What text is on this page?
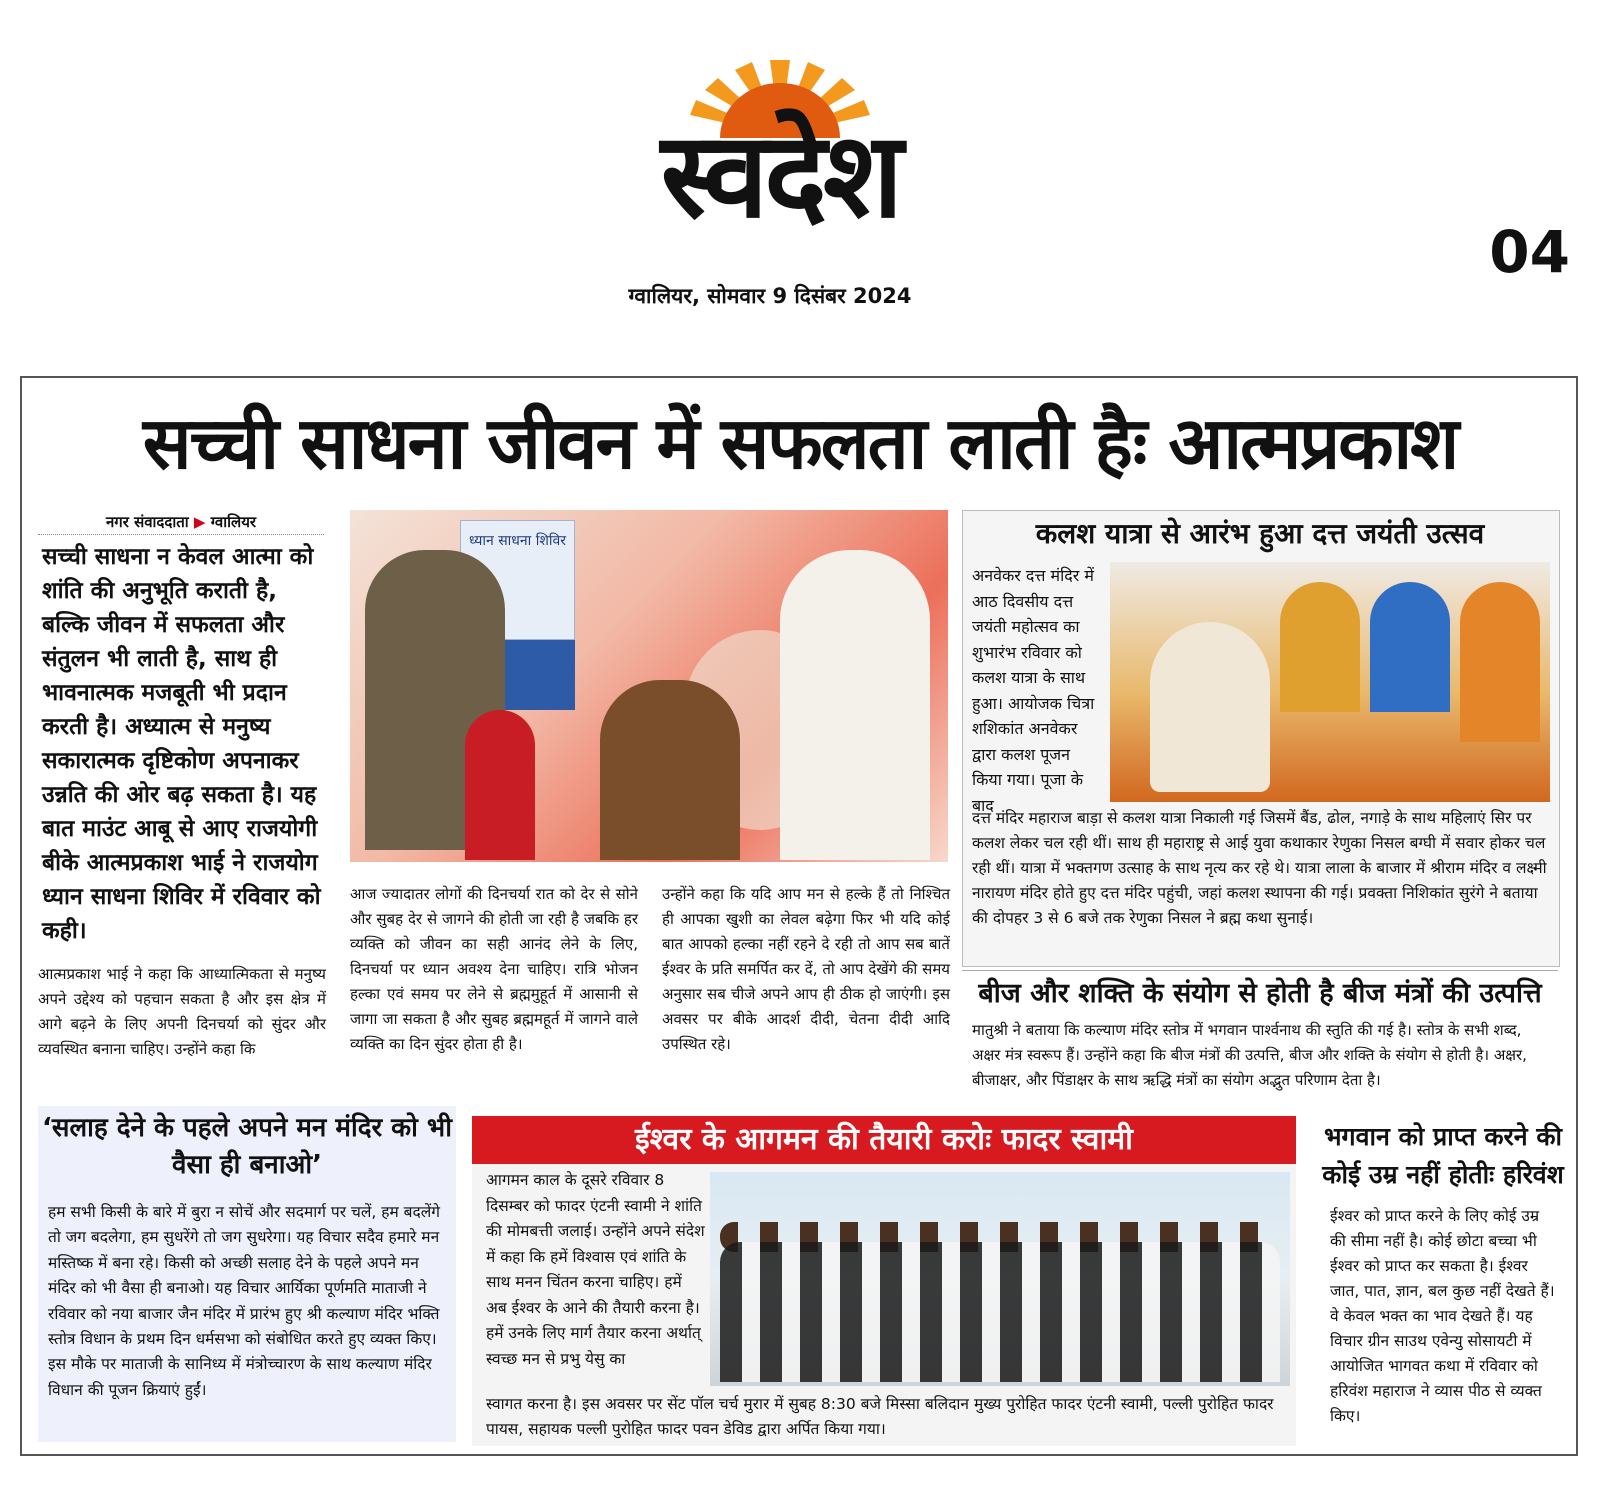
स्वदेश
ग्वालियर, सोमवार 9 दिसंबर 2024
04
सच्ची साधना जीवन में सफलता लाती हैः आत्मप्रकाश
नगर संवाददाता ▶ ग्वालियर
सच्ची साधना न केवल आत्मा को शांति की अनुभूति कराती है, बल्कि जीवन में सफलता और संतुलन भी लाती है, साथ ही भावनात्मक मजबूती भी प्रदान करती है। अध्यात्म से मनुष्य सकारात्मक दृष्टिकोण अपनाकर उन्नति की ओर बढ़ सकता है। यह बात माउंट आबू से आए राजयोगी बीके आत्मप्रकाश भाई ने राजयोग ध्यान साधना शिविर में रविवार को कही।
आत्मप्रकाश भाई ने कहा कि आध्यात्मिकता से मनुष्य अपने उद्देश्य को पहचान सकता है और इस क्षेत्र में आगे बढ़ने के लिए अपनी दिनचर्या को सुंदर और व्यवस्थित बनाना चाहिए। उन्होंने कहा कि
ध्यान साधना शिविर
आज ज्यादातर लोगों की दिनचर्या रात को देर से सोने और सुबह देर से जागने की होती जा रही है जबकि हर व्यक्ति को जीवन का सही आनंद लेने के लिए, दिनचर्या पर ध्यान अवश्य देना चाहिए। रात्रि भोजन हल्का एवं समय पर लेने से ब्रह्ममुहूर्त में आसानी से जागा जा सकता है और सुबह ब्रह्ममहूर्त में जागने वाले व्यक्ति का दिन सुंदर होता ही है।
उन्होंने कहा कि यदि आप मन से हल्के हैं तो निश्चित ही आपका खुशी का लेवल बढ़ेगा फिर भी यदि कोई बात आपको हल्का नहीं रहने दे रही तो आप सब बातें ईश्वर के प्रति समर्पित कर दें, तो आप देखेंगे की समय अनुसार सब चीजे अपने आप ही ठीक हो जाएंगी। इस अवसर पर बीके आदर्श दीदी, चेतना दीदी आदि उपस्थित रहे।
कलश यात्रा से आरंभ हुआ दत्त जयंती उत्सव
अनवेकर दत्त मंदिर में आठ दिवसीय दत्त जयंती महोत्सव का शुभारंभ रविवार को कलश यात्रा के साथ हुआ। आयोजक चित्रा शशिकांत अनवेकर द्वारा कलश पूजन किया गया। पूजा के बाद
दत्त मंदिर महाराज बाड़ा से कलश यात्रा निकाली गई जिसमें बैंड, ढोल, नगाड़े के साथ महिलाएं सिर पर कलश लेकर चल रही थीं। साथ ही महाराष्ट्र से आई युवा कथाकार रेणुका निसल बग्घी में सवार होकर चल रही थीं। यात्रा में भक्तगण उत्साह के साथ नृत्य कर रहे थे। यात्रा लाला के बाजार में श्रीराम मंदिर व लक्ष्मी नारायण मंदिर होते हुए दत्त मंदिर पहुंची, जहां कलश स्थापना की गई। प्रवक्ता निशिकांत सुरंगे ने बताया की दोपहर 3 से 6 बजे तक रेणुका निसल ने ब्रह्म कथा सुनाई।
बीज और शक्ति के संयोग से होती है बीज मंत्रों की उत्पत्ति
मातुश्री ने बताया कि कल्याण मंदिर स्तोत्र में भगवान पार्श्वनाथ की स्तुति की गई है। स्तोत्र के सभी शब्द, अक्षर मंत्र स्वरूप हैं। उन्होंने कहा कि बीज मंत्रों की उत्पत्ति, बीज और शक्ति के संयोग से होती है। अक्षर, बीजाक्षर, और पिंडाक्षर के साथ ऋद्धि मंत्रों का संयोग अद्भुत परिणाम देता है।
‘सलाह देने के पहले अपने मन मंदिर को भी वैसा ही बनाओ’
हम सभी किसी के बारे में बुरा न सोचें और सदमार्ग पर चलें, हम बदलेंगे तो जग बदलेगा, हम सुधरेंगे तो जग सुधरेगा। यह विचार सदैव हमारे मन मस्तिष्क में बना रहे। किसी को अच्छी सलाह देने के पहले अपने मन मंदिर को भी वैसा ही बनाओ। यह विचार आर्यिका पूर्णमति माताजी ने रविवार को नया बाजार जैन मंदिर में प्रारंभ हुए श्री कल्याण मंदिर भक्ति स्तोत्र विधान के प्रथम दिन धर्मसभा को संबोधित करते हुए व्यक्त किए। इस मौके पर माताजी के सानिध्य में मंत्रोच्चारण के साथ कल्याण मंदिर विधान की पूजन क्रियाएं हुईं।
ईश्वर के आगमन की तैयारी करोः फादर स्वामी
आगमन काल के दूसरे रविवार 8 दिसम्बर को फादर एंटनी स्वामी ने शांति की मोमबत्ती जलाई। उन्होंने अपने संदेश में कहा कि हमें विश्वास एवं शांति के साथ मनन चिंतन करना चाहिए। हमें अब ईश्वर के आने की तैयारी करना है। हमें उनके लिए मार्ग तैयार करना अर्थात् स्वच्छ मन से प्रभु येसु का
स्वागत करना है। इस अवसर पर सेंट पॉल चर्च मुरार में सुबह 8:30 बजे मिस्सा बलिदान मुख्य पुरोहित फादर एंटनी स्वामी, पल्ली पुरोहित फादर पायस, सहायक पल्ली पुरोहित फादर पवन डेविड द्वारा अर्पित किया गया।
भगवान को प्राप्त करने की कोई उम्र नहीं होतीः हरिवंश
ईश्वर को प्राप्त करने के लिए कोई उम्र की सीमा नहीं है। कोई छोटा बच्चा भी ईश्वर को प्राप्त कर सकता है। ईश्वर जात, पात, ज्ञान, बल कुछ नहीं देखते हैं। वे केवल भक्त का भाव देखते हैं। यह विचार ग्रीन साउथ एवेन्यु सोसायटी में आयोजित भागवत कथा में रविवार को हरिवंश महाराज ने व्यास पीठ से व्यक्त किए।
